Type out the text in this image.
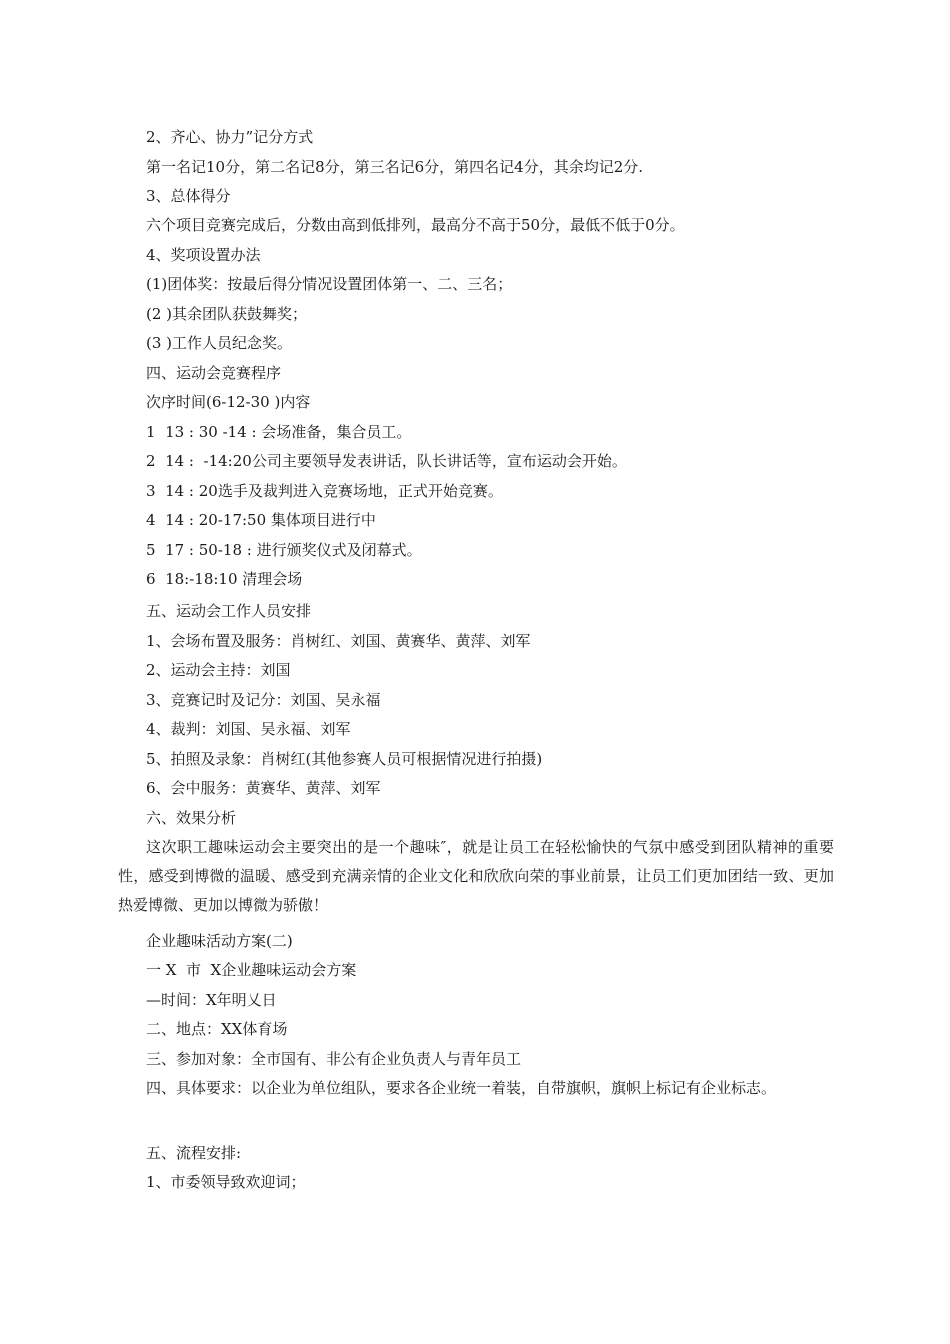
2、齐心、协力”记分方式
第一名记10分，第二名记8分，第三名记6分，第四名记4分，其余均记2分.
3、总体得分
六个项目竞赛完成后，分数由高到低排列，最高分不高于50分，最低不低于0分。
4、奖项设置办法
(1)团体奖：按最后得分情况设置团体第一、二、三名；
(2 )其余团队获鼓舞奖；
(3 )工作人员纪念奖。
四、运动会竞赛程序
次序时间(6-12-30 )内容
1  13 : 30 -14 : 会场准备，集合员工。
2  14 :  -14:20公司主要领导发表讲话，队长讲话等，宣布运动会开始。
3  14 : 20选手及裁判进入竞赛场地，正式开始竞赛。
4  14 : 20-17:50 集体项目进行中
5  17 : 50-18 : 进行颁奖仪式及闭幕式。
6  18:-18:10 清理会场
五、运动会工作人员安排
1、会场布置及服务：肖树红、刘国、黄赛华、黄萍、刘军
2、运动会主持：刘国
3、竞赛记时及记分：刘国、吴永福
4、裁判：刘国、吴永福、刘军
5、拍照及录象：肖树红(其他参赛人员可根据情况进行拍摄)
6、会中服务：黄赛华、黄萍、刘军
六、效果分析
这次职工趣味运动会主要突出的是一个趣味″，就是让员工在轻松愉快的气氛中感受到团队精神的重要性，感受到博微的温暖、感受到充满亲情的企业文化和欣欣向荣的事业前景，让员工们更加团结一致、更加热爱博微、更加以博微为骄傲！
企业趣味活动方案(二)
一 X  市  X企业趣味运动会方案
—时间：X年明乂日
二、地点：XX体育场
三、参加对象：全市国有、非公有企业负责人与青年员工
四、具体要求：以企业为单位组队，要求各企业统一着装，自带旗帜，旗帜上标记有企业标志。
五、流程安排:
1、市委领导致欢迎词；
